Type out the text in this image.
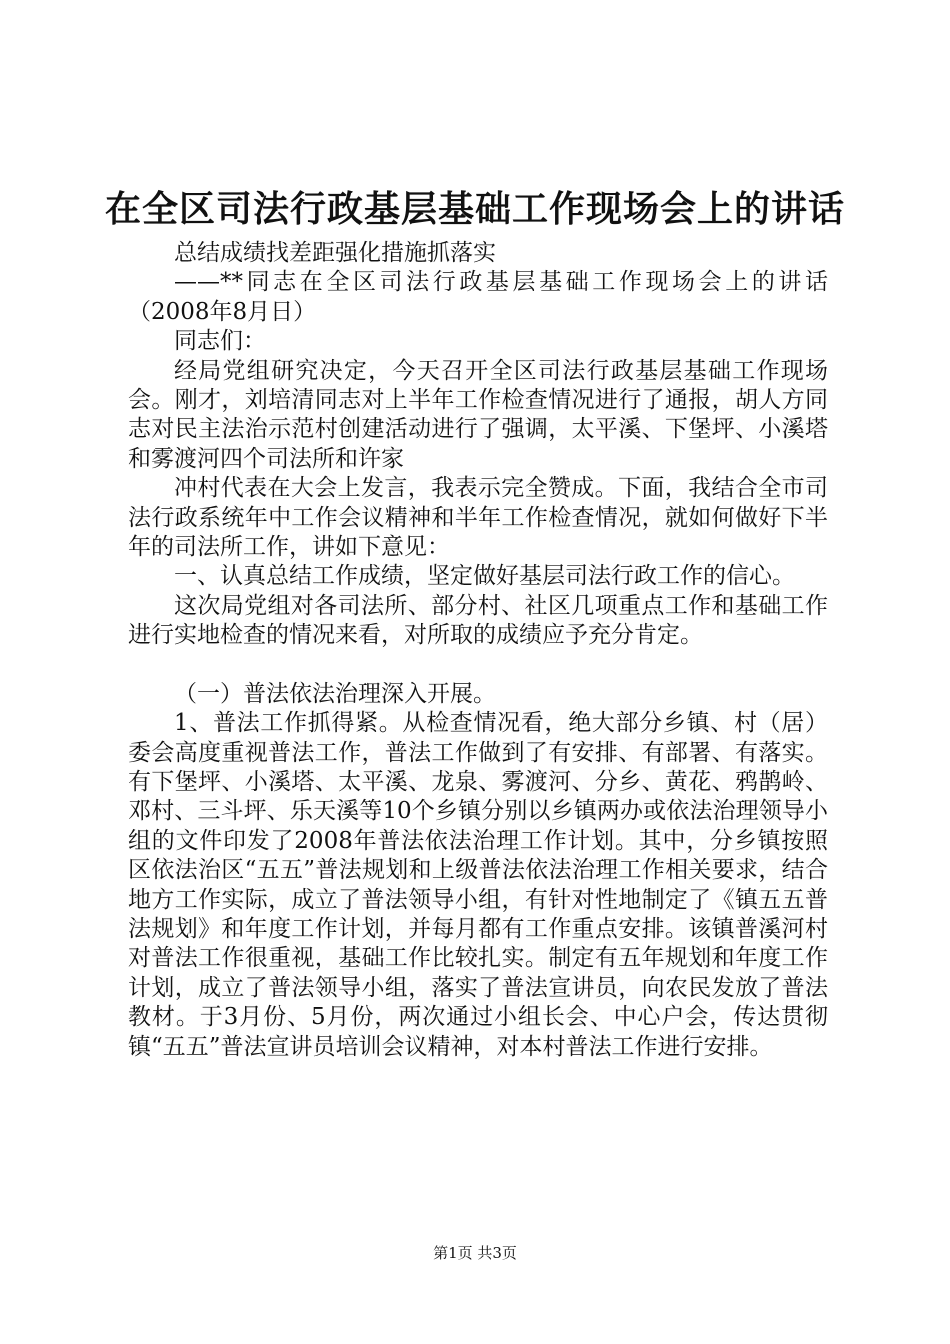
在全区司法行政基层基础工作现场会上的讲话

总结成绩找差距强化措施抓落实

——**同志在全区司法行政基层基础工作现场会上的讲话（2008年8月日）

同志们：

经局党组研究决定，今天召开全区司法行政基层基础工作现场会。刚才，刘培清同志对上半年工作检查情况进行了通报，胡人方同志对民主法治示范村创建活动进行了强调，太平溪、下堡坪、小溪塔和雾渡河四个司法所和许家

冲村代表在大会上发言，我表示完全赞成。下面，我结合全市司法行政系统年中工作会议精神和半年工作检查情况，就如何做好下半年的司法所工作，讲如下意见：

一、认真总结工作成绩，坚定做好基层司法行政工作的信心。

这次局党组对各司法所、部分村、社区几项重点工作和基础工作进行实地检查的情况来看，对所取的成绩应予充分肯定。

（一）普法依法治理深入开展。

1、普法工作抓得紧。从检查情况看，绝大部分乡镇、村（居）委会高度重视普法工作，普法工作做到了有安排、有部署、有落实。有下堡坪、小溪塔、太平溪、龙泉、雾渡河、分乡、黄花、鸦鹊岭、邓村、三斗坪、乐天溪等10个乡镇分别以乡镇两办或依法治理领导小组的文件印发了2008年普法依法治理工作计划。其中，分乡镇按照区依法治区“五五”普法规划和上级普法依法治理工作相关要求，结合地方工作实际，成立了普法领导小组，有针对性地制定了《镇五五普法规划》和年度工作计划，并每月都有工作重点安排。该镇普溪河村对普法工作很重视，基础工作比较扎实。制定有五年规划和年度工作计划，成立了普法领导小组，落实了普法宣讲员，向农民发放了普法教材。于3月份、5月份，两次通过小组长会、中心户会，传达贯彻镇“五五”普法宣讲员培训会议精神，对本村普法工作进行安排。

第1页 共3页
